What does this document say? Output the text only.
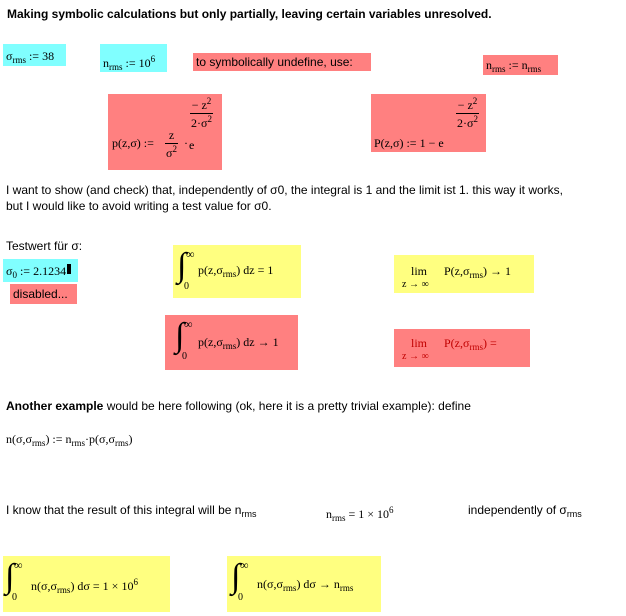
Making symbolic calculations but only partially, leaving certain variables unresolved.
$\sigma_{rms}$ := 38	$n_{rms}$ := $10^6$	to symbolically undefine, use:	$n_{rms}$ := $n_{rms}$
p(z,σ) := $\frac{z}{\sigma^2} \cdot e$
$\frac{- z^2}{2\cdot\sigma^2}$
P(z,σ) := 1 − e
$\frac{- z^2}{2\cdot\sigma^2}$
I want to show (and check) that, independently of σ0, the integral is 1 and the limit ist 1. this way it works,
but I would like to avoid writing a test value for σ0.
Testwert für σ:
$\sigma_0$ := 2.1234
disabled...
∫ ∞
0
$p(z,\sigma_{rms})$ dz = 1	lim
z → ∞
$P(z,\sigma_{rms}) \to 1$
∫ ∞
0
$p(z,\sigma_{rms})$ dz → 1	lim
z → ∞
$P(z,\sigma_{rms})$ =
Another example would be here following (ok, here it is a pretty trivial example): define
$n(\sigma,\sigma_{rms})$ := $n_{rms}\cdot p(\sigma,\sigma_{rms})$
I know that the result of this integral will be $n_{rms}$	$n_{rms} = 1 \times 10^6$	independently of $\sigma_{rms}$
∫ ∞
0
$n(\sigma,\sigma_{rms}) d\sigma = 1 \times 10^6$	∫ ∞
0
$n(\sigma,\sigma_{rms}) d\sigma \to n_{rms}$
